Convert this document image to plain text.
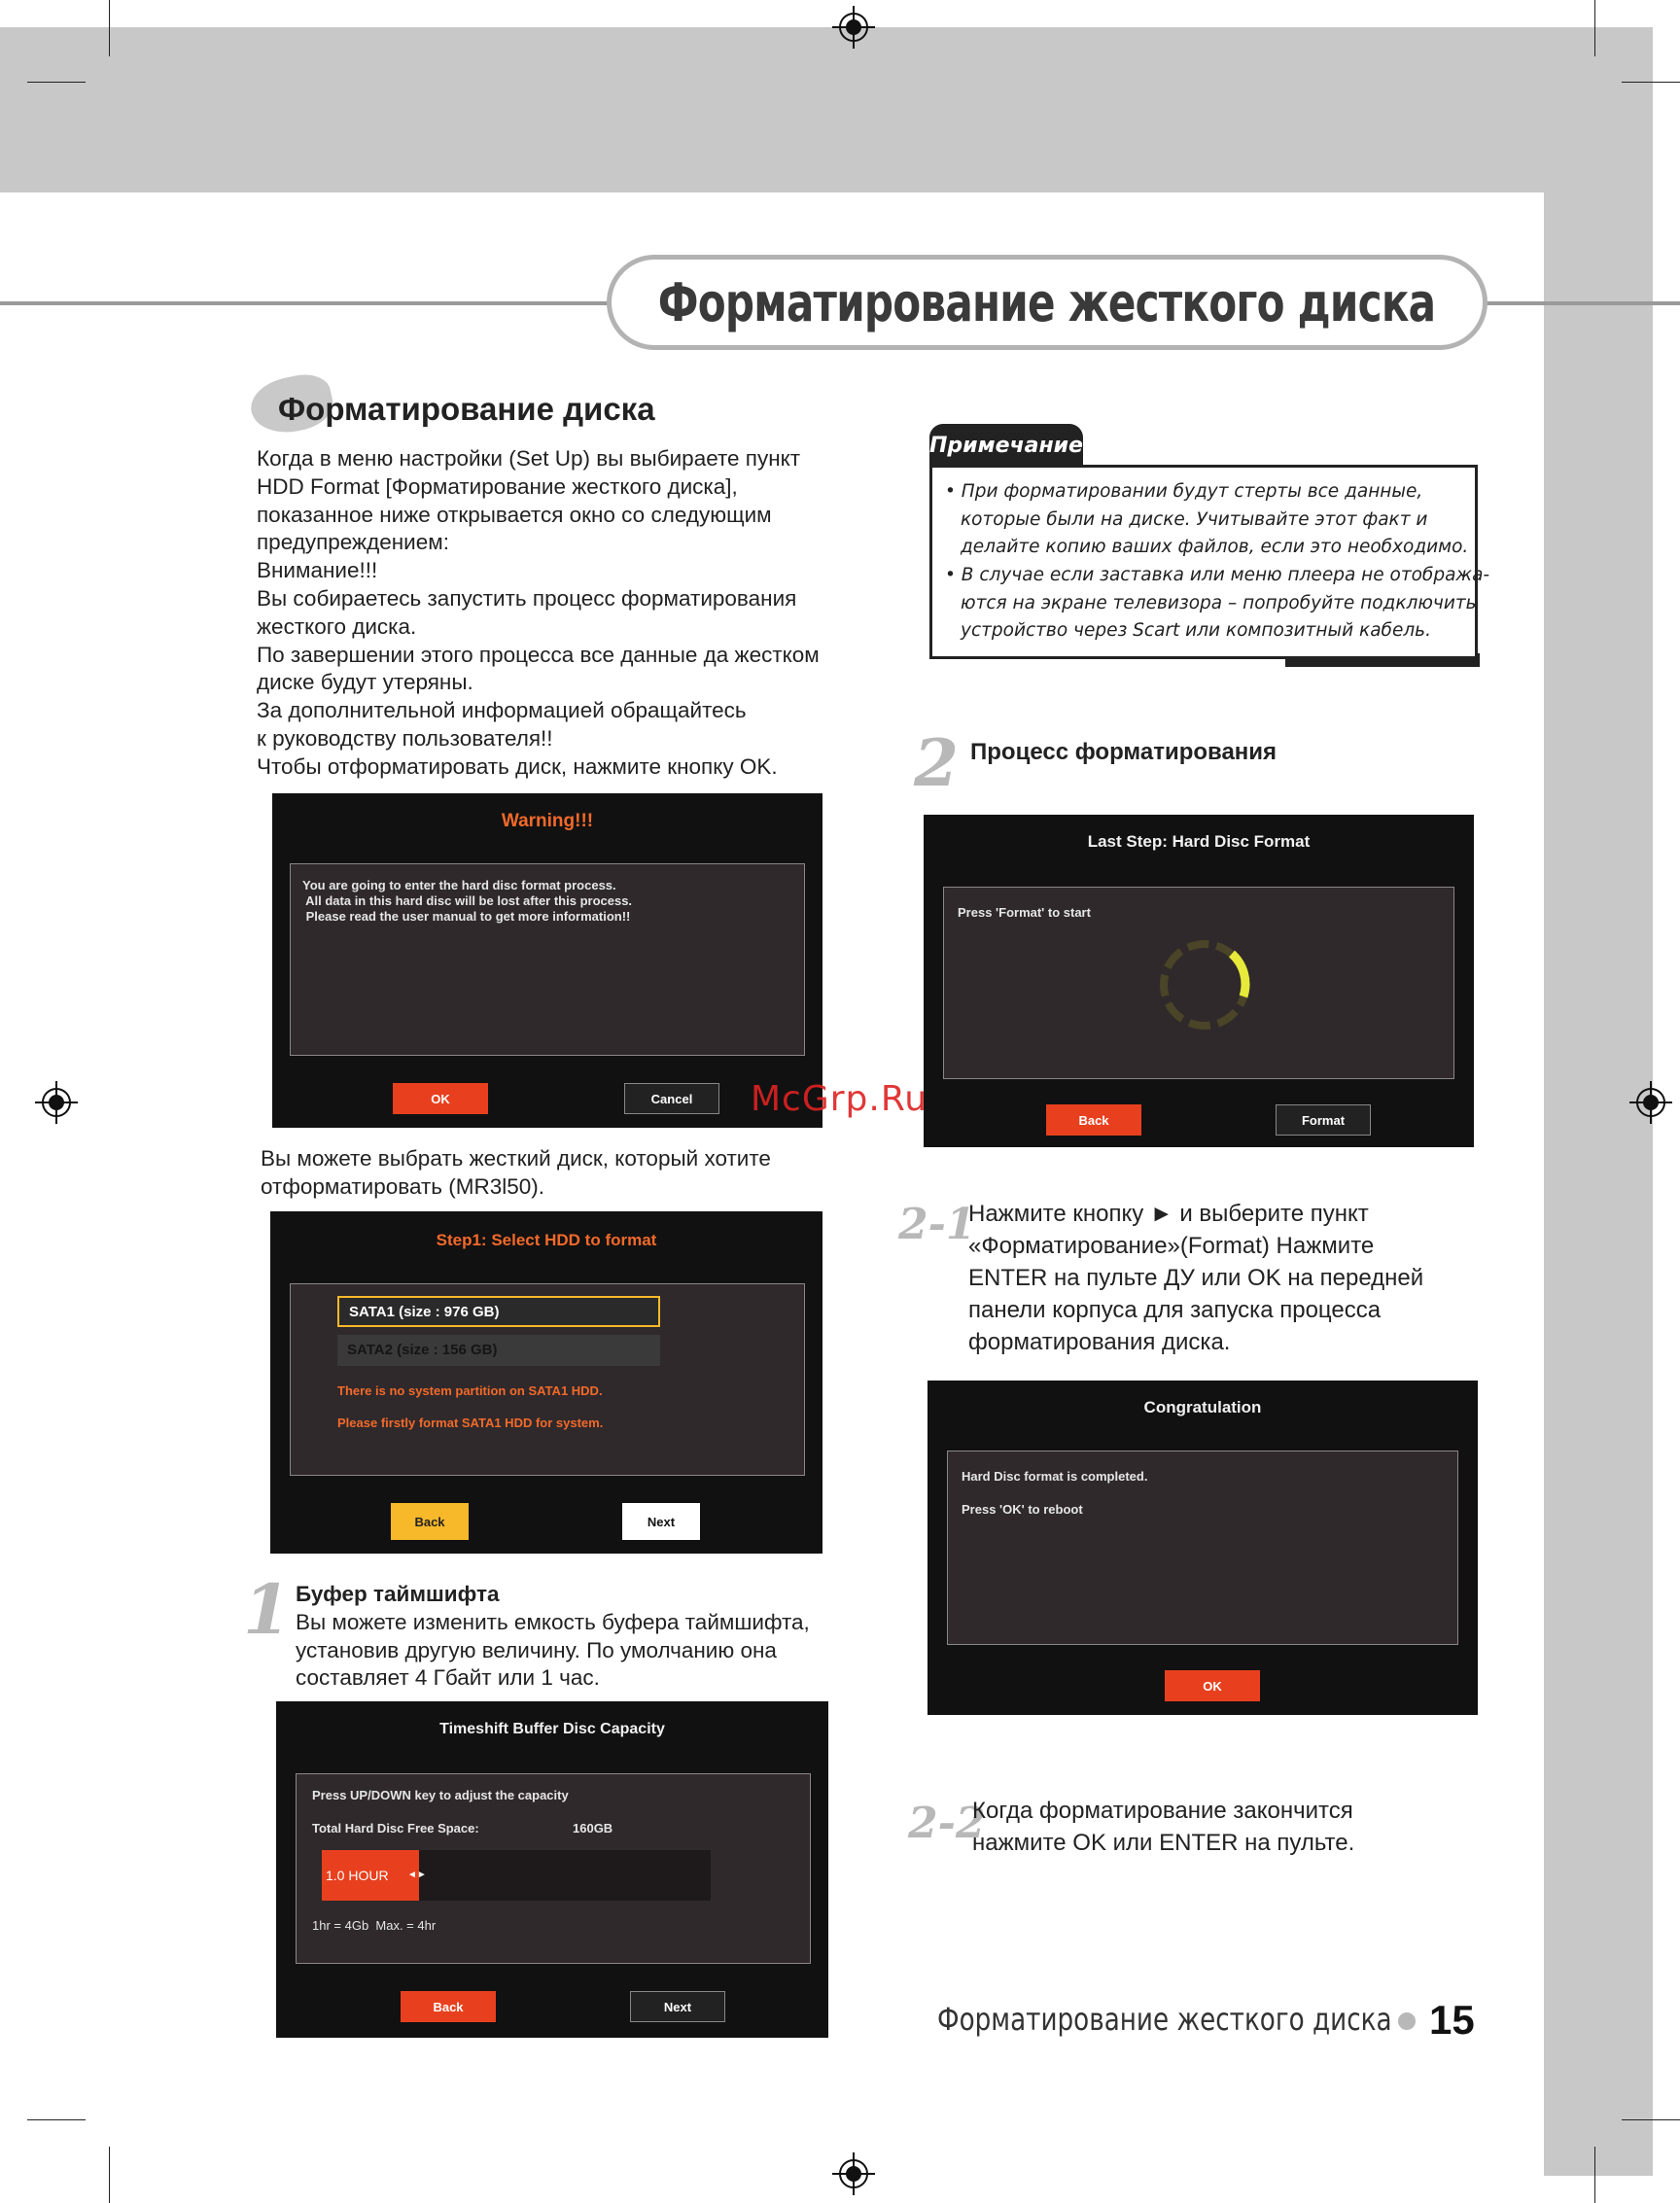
Форматирование жесткого диска
Форматирование диска
Когда в меню настройки (Set Up) вы выбираете пункт
HDD Format [Форматирование жесткого диска],
показанное ниже открывается окно со следующим
предупреждением:
Внимание!!!
Вы собираетесь запустить процесс форматирования
жесткого диска.
По завершении этого процесса все данные да жестком
диске будут утеряны.
За дополнительной информацией обращайтесь
к руководству пользователя!!
Чтобы отформатировать диск, нажмите кнопку OK.
Warning!!!
You are going to enter the hard disc format process.
All data in this hard disc will be lost after this process.
Please read the user manual to get more information!!
OK	Cancel
Вы можете выбрать жесткий диск, который хотите
отформатировать (MR3l50).
Step1: Select HDD to format
SATA1 (size : 976 GB)
SATA2 (size : 156 GB)
There is no system partition on SATA1 HDD.
Please firstly format SATA1 HDD for system.
Back	Next
1 Буфер таймшифта
Вы можете изменить емкость буфера таймшифта,
установив другую величину. По умолчанию она
составляет 4 Гбайт или 1 час.
Timeshift Buffer Disc Capacity
Press UP/DOWN key to adjust the capacity
Total Hard Disc Free Space:	160GB
1.0 HOUR ◄►
1hr = 4Gb  Max. = 4hr
Back	Next
Примечание
• При форматировании будут стерты все данные,
которые были на диске. Учитывайте этот факт и
делайте копию ваших файлов, если это необходимо.
• В случае если заставка или меню плеера не отобража-
ются на экране телевизора – попробуйте подключить
устройство через Scart или композитный кабель.
2 Процесс форматирования
Last Step: Hard Disc Format
Press 'Format' to start
Back	Format
2-1
Нажмите кнопку ► и выберите пункт
«Форматирование»(Format) Нажмите
ENTER на пульте ДУ или OK на передней
панели корпуса для запуска процесса
форматирования диска.
Congratulation
Hard Disc format is completed.
Press 'OK' to reboot
OK
2-2
Когда форматирование закончится
нажмите OK или ENTER на пульте.
McGrp.Ru
Форматирование жесткого диска 15
